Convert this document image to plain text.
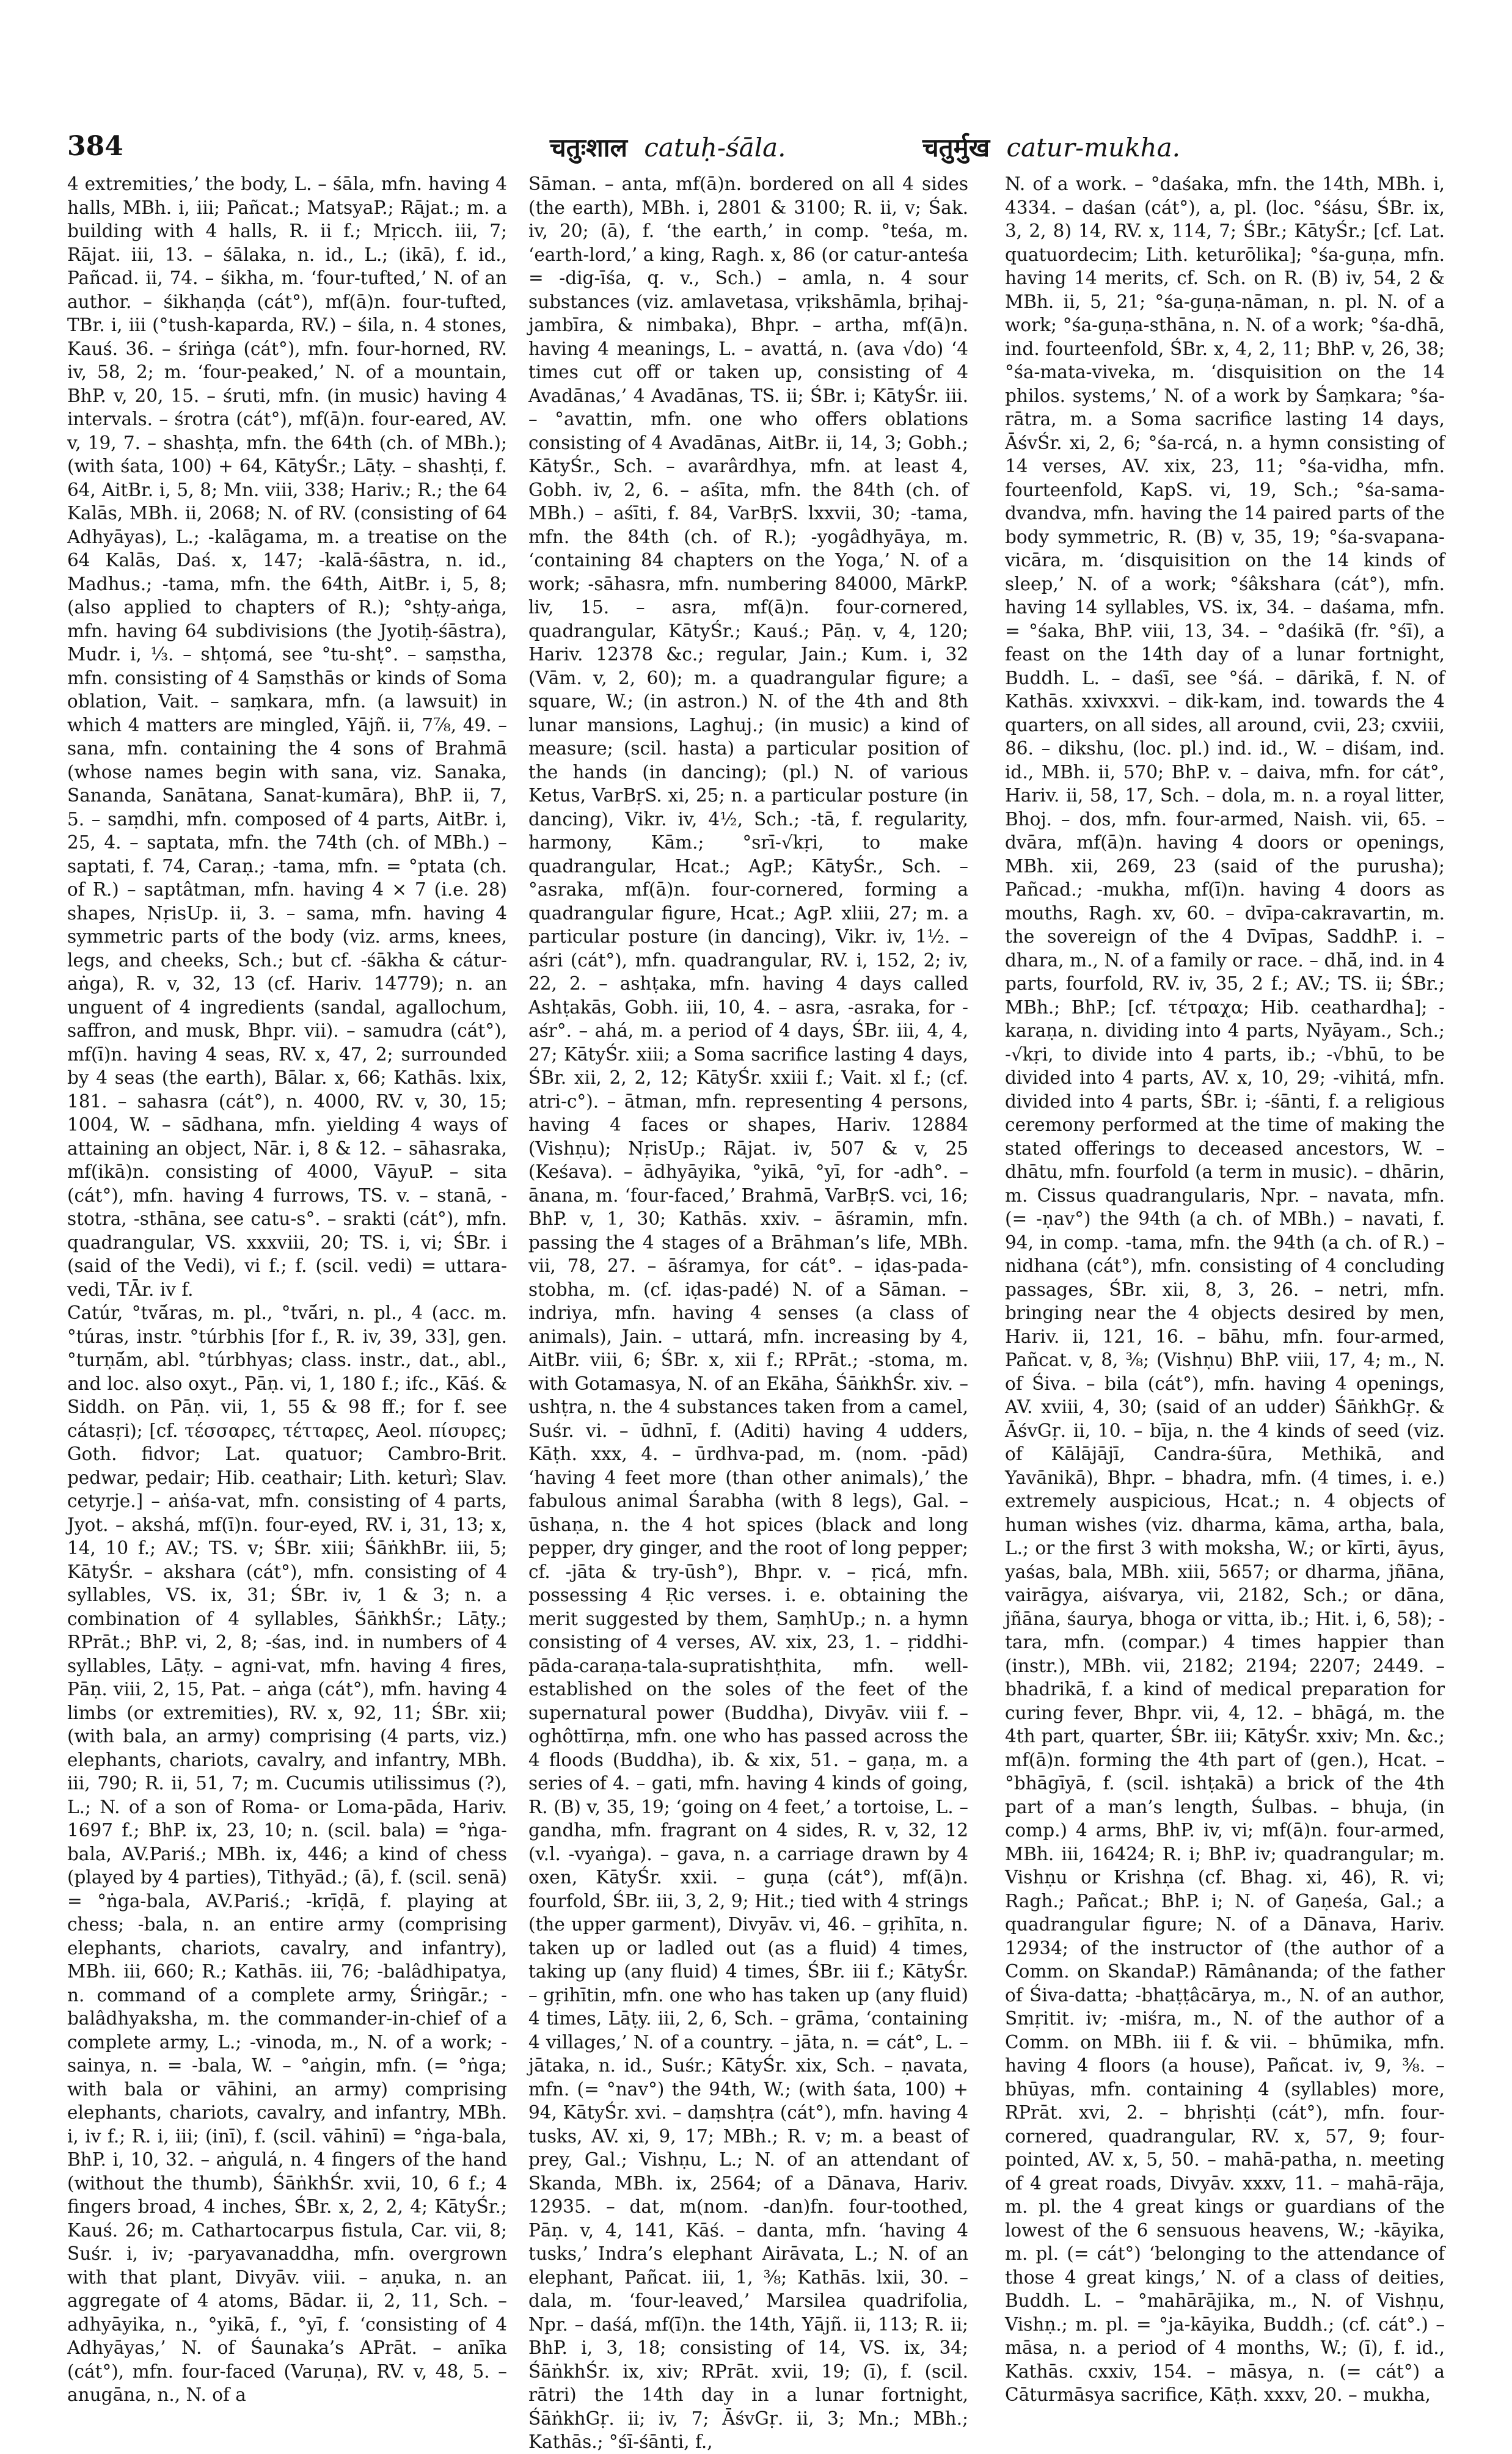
384	चतुःशाल catuḥ-śāla.	चतुर्मुख catur-mukha.

4 extremities,’ the body, L. – śāla, mfn. having 4 halls, MBh. i, iii; Pañcat.; MatsyaP.; Rājat.; m. a building with 4 halls, R. ii f.; Mṛicch. iii, 7; Rājat. iii, 13. – śālaka, n. id., L.; (ikā), f. id., Pañcad. ii, 74. – śikha, m. ‘four-tufted,’ N. of an author. – śikhaṇḍa (cát°), mf(ā)n. four-tufted, TBr. i, iii (°tush-kaparda, RV.) – śila, n. 4 stones, Kauś. 36. – śriṅga (cát°), mfn. four-horned, RV. iv, 58, 2; m. ‘four-peaked,’ N. of a mountain, BhP. v, 20, 15. – śruti, mfn. (in music) having 4 intervals. – śrotra (cát°), mf(ā)n. four-eared, AV. v, 19, 7. – shashṭa, mfn. the 64th (ch. of MBh.); (with śata, 100) + 64, KātyŚr.; Lāṭy. – shashṭi, f. 64, AitBr. i, 5, 8; Mn. viii, 338; Hariv.; R.; the 64 Kalās, MBh. ii, 2068; N. of RV. (consisting of 64 Adhyāyas), L.; -kalāgama, m. a treatise on the 64 Kalās, Daś. x, 147; -kalā-śāstra, n. id., Madhus.; -tama, mfn. the 64th, AitBr. i, 5, 8; (also applied to chapters of R.); °shṭy-aṅga, mfn. having 64 subdivisions (the Jyotiḥ-śāstra), Mudr. i, ⅓. – shṭomá, see °tu-shṭ°. – saṃstha, mfn. consisting of 4 Saṃsthās or kinds of Soma oblation, Vait. – saṃkara, mfn. (a lawsuit) in which 4 matters are mingled, Yājñ. ii, 7⅞, 49. – sana, mfn. containing the 4 sons of Brahmā (whose names begin with sana, viz. Sanaka, Sananda, Sanātana, Sanat-kumāra), BhP. ii, 7, 5. – saṃdhi, mfn. composed of 4 parts, AitBr. i, 25, 4. – saptata, mfn. the 74th (ch. of MBh.) – saptati, f. 74, Caraṇ.; -tama, mfn. = °ptata (ch. of R.) – saptâtman, mfn. having 4 × 7 (i.e. 28) shapes, NṛisUp. ii, 3. – sama, mfn. having 4 symmetric parts of the body (viz. arms, knees, legs, and cheeks, Sch.; but cf. -śākha & cátur-aṅga), R. v, 32, 13 (cf. Hariv. 14779); n. an unguent of 4 ingredients (sandal, agallochum, saffron, and musk, Bhpr. vii). – samudra (cát°), mf(ī)n. having 4 seas, RV. x, 47, 2; surrounded by 4 seas (the earth), Bālar. x, 66; Kathās. lxix, 181. – sahasra (cát°), n. 4000, RV. v, 30, 15; 1004, W. – sādhana, mfn. yielding 4 ways of attaining an object, Nār. i, 8 & 12. – sāhasraka, mf(ikā)n. consisting of 4000, VāyuP. – sita (cát°), mfn. having 4 furrows, TS. v. – stanā, -stotra, -sthāna, see catu-s°. – srakti (cát°), mfn. quadrangular, VS. xxxviii, 20; TS. i, vi; ŚBr. i (said of the Vedi), vi f.; f. (scil. vedi) = uttara-vedi, TĀr. iv f.

Catúr, °tvā́ras, m. pl., °tvā́ri, n. pl., 4 (acc. m. °túras, instr. °túrbhis [for f., R. iv, 39, 33], gen. °turṇā́m, abl. °túrbhyas; class. instr., dat., abl., and loc. also oxyt., Pāṇ. vi, 1, 180 f.; ifc., Kāś. & Siddh. on Pāṇ. vii, 1, 55 & 98 ff.; for f. see cátasṛi); [cf. τέσσαρες, τέτταρες, Aeol. πίσυρες; Goth. fidvor; Lat. quatuor; Cambro-Brit. pedwar, pedair; Hib. ceathair; Lith. keturì; Slav. cetyrje.] – aṅśa-vat, mfn. consisting of 4 parts, Jyot. – akshá, mf(ī)n. four-eyed, RV. i, 31, 13; x, 14, 10 f.; AV.; TS. v; ŚBr. xiii; ŚāṅkhBr. iii, 5; KātyŚr. – akshara (cát°), mfn. consisting of 4 syllables, VS. ix, 31; ŚBr. iv, 1 & 3; n. a combination of 4 syllables, ŚāṅkhŚr.; Lāṭy.; RPrāt.; BhP. vi, 2, 8; -śas, ind. in numbers of 4 syllables, Lāṭy. – agni-vat, mfn. having 4 fires, Pāṇ. viii, 2, 15, Pat. – aṅga (cát°), mfn. having 4 limbs (or extremities), RV. x, 92, 11; ŚBr. xii; (with bala, an army) comprising (4 parts, viz.) elephants, chariots, cavalry, and infantry, MBh. iii, 790; R. ii, 51, 7; m. Cucumis utilissimus (?), L.; N. of a son of Roma- or Loma-pāda, Hariv. 1697 f.; BhP. ix, 23, 10; n. (scil. bala) = °ṅga-bala, AV.Pariś.; MBh. ix, 446; a kind of chess (played by 4 parties), Tithyād.; (ā), f. (scil. senā) = °ṅga-bala, AV.Pariś.; -krīḍā, f. playing at chess; -bala, n. an entire army (comprising elephants, chariots, cavalry, and infantry), MBh. iii, 660; R.; Kathās. iii, 76; -balâdhipatya, n. command of a complete army, Śriṅgār.; -balâdhyaksha, m. the commander-in-chief of a complete army, L.; -vinoda, m., N. of a work; -sainya, n. = -bala, W. – °aṅgin, mfn. (= °ṅga; with bala or vāhini, an army) comprising elephants, chariots, cavalry, and infantry, MBh. i, iv f.; R. i, iii; (inī), f. (scil. vāhinī) = °ṅga-bala, BhP. i, 10, 32. – aṅgulá, n. 4 fingers of the hand (without the thumb), ŚāṅkhŚr. xvii, 10, 6 f.; 4 fingers broad, 4 inches, ŚBr. x, 2, 2, 4; KātyŚr.; Kauś. 26; m. Cathartocarpus fistula, Car. vii, 8; Suśr. i, iv; -paryavanaddha, mfn. overgrown with that plant, Divyāv. viii. – aṇuka, n. an aggregate of 4 atoms, Bādar. ii, 2, 11, Sch. – adhyāyika, n., °yikā, f., °yī, f. ‘consisting of 4 Adhyāyas,’ N. of Śaunaka’s APrāt. – anīka (cát°), mfn. four-faced (Varuṇa), RV. v, 48, 5. – anugāna, n., N. of a

Sāman. – anta, mf(ā)n. bordered on all 4 sides (the earth), MBh. i, 2801 & 3100; R. ii, v; Śak. iv, 20; (ā), f. ‘the earth,’ in comp. °teśa, m. ‘earth-lord,’ a king, Ragh. x, 86 (or catur-anteśa = -dig-īśa, q. v., Sch.) – amla, n. 4 sour substances (viz. amlavetasa, vṛikshāmla, bṛihaj-jambīra, & nimbaka), Bhpr. – artha, mf(ā)n. having 4 meanings, L. – avattá, n. (ava √do) ‘4 times cut off or taken up, consisting of 4 Avadānas,’ 4 Avadānas, TS. ii; ŚBr. i; KātyŚr. iii. – °avattin, mfn. one who offers oblations consisting of 4 Avadānas, AitBr. ii, 14, 3; Gobh.; KātyŚr., Sch. – avarârdhya, mfn. at least 4, Gobh. iv, 2, 6. – aśīta, mfn. the 84th (ch. of MBh.) – aśīti, f. 84, VarBṛS. lxxvii, 30; -tama, mfn. the 84th (ch. of R.); -yogâdhyāya, m. ‘containing 84 chapters on the Yoga,’ N. of a work; -sāhasra, mfn. numbering 84000, MārkP. liv, 15. – asra, mf(ā)n. four-cornered, quadrangular, KātyŚr.; Kauś.; Pāṇ. v, 4, 120; Hariv. 12378 &c.; regular, Jain.; Kum. i, 32 (Vām. v, 2, 60); m. a quadrangular figure; a square, W.; (in astron.) N. of the 4th and 8th lunar mansions, Laghuj.; (in music) a kind of measure; (scil. hasta) a particular position of the hands (in dancing); (pl.) N. of various Ketus, VarBṛS. xi, 25; n. a particular posture (in dancing), Vikr. iv, 4½, Sch.; -tā, f. regularity, harmony, Kām.; °srī-√kṛi, to make quadrangular, Hcat.; AgP.; KātyŚr., Sch. – °asraka, mf(ā)n. four-cornered, forming a quadrangular figure, Hcat.; AgP. xliii, 27; m. a particular posture (in dancing), Vikr. iv, 1½. – aśri (cát°), mfn. quadrangular, RV. i, 152, 2; iv, 22, 2. – ashṭaka, mfn. having 4 days called Ashṭakās, Gobh. iii, 10, 4. – asra, -asraka, for -aśr°. – ahá, m. a period of 4 days, ŚBr. iii, 4, 4, 27; KātyŚr. xiii; a Soma sacrifice lasting 4 days, ŚBr. xii, 2, 2, 12; KātyŚr. xxiii f.; Vait. xl f.; (cf. atri-c°). – ātman, mfn. representing 4 persons, having 4 faces or shapes, Hariv. 12884 (Vishṇu); NṛisUp.; Rājat. iv, 507 & v, 25 (Keśava). – ādhyāyika, °yikā, °yī, for -adh°. – ānana, m. ‘four-faced,’ Brahmā, VarBṛS. vci, 16; BhP. v, 1, 30; Kathās. xxiv. – āśramin, mfn. passing the 4 stages of a Brāhman’s life, MBh. vii, 78, 27. – āśramya, for cát°. – iḍas-pada-stobha, m. (cf. iḍas-padé) N. of a Sāman. – indriya, mfn. having 4 senses (a class of animals), Jain. – uttará, mfn. increasing by 4, AitBr. viii, 6; ŚBr. x, xii f.; RPrāt.; -stoma, m. with Gotamasya, N. of an Ekāha, ŚāṅkhŚr. xiv. – ushṭra, n. the 4 substances taken from a camel, Suśr. vi. – ūdhnī, f. (Aditi) having 4 udders, Kāṭh. xxx, 4. – ūrdhva-pad, m. (nom. -pād) ‘having 4 feet more (than other animals),’ the fabulous animal Śarabha (with 8 legs), Gal. – ūshaṇa, n. the 4 hot spices (black and long pepper, dry ginger, and the root of long pepper; cf. -jāta & try-ūsh°), Bhpr. v. – ṛicá, mfn. possessing 4 Ṛic verses. i. e. obtaining the merit suggested by them, SaṃhUp.; n. a hymn consisting of 4 verses, AV. xix, 23, 1. – ṛiddhi-pāda-caraṇa-tala-supratishṭhita, mfn. well-established on the soles of the feet of the supernatural power (Buddha), Divyāv. viii f. – oghôttīrṇa, mfn. one who has passed across the 4 floods (Buddha), ib. & xix, 51. – gaṇa, m. a series of 4. – gati, mfn. having 4 kinds of going, R. (B) v, 35, 19; ‘going on 4 feet,’ a tortoise, L. – gandha, mfn. fragrant on 4 sides, R. v, 32, 12 (v.l. -vyaṅga). – gava, n. a carriage drawn by 4 oxen, KātyŚr. xxii. – guṇa (cát°), mf(ā)n. fourfold, ŚBr. iii, 3, 2, 9; Hit.; tied with 4 strings (the upper garment), Divyāv. vi, 46. – gṛihīta, n. taken up or ladled out (as a fluid) 4 times, taking up (any fluid) 4 times, ŚBr. iii f.; KātyŚr. – gṛihītin, mfn. one who has taken up (any fluid) 4 times, Lāṭy. iii, 2, 6, Sch. – grāma, ‘containing 4 villages,’ N. of a country. – jāta, n. = cát°, L. – jātaka, n. id., Suśr.; KātyŚr. xix, Sch. – ṇavata, mfn. (= °nav°) the 94th, W.; (with śata, 100) + 94, KātyŚr. xvi. – daṃshṭra (cát°), mfn. having 4 tusks, AV. xi, 9, 17; MBh.; R. v; m. a beast of prey, Gal.; Vishṇu, L.; N. of an attendant of Skanda, MBh. ix, 2564; of a Dānava, Hariv. 12935. – dat, m(nom. -dan)fn. four-toothed, Pāṇ. v, 4, 141, Kāś. – danta, mfn. ‘having 4 tusks,’ Indra’s elephant Airāvata, L.; N. of an elephant, Pañcat. iii, 1, ⅜; Kathās. lxii, 30. – dala, m. ‘four-leaved,’ Marsilea quadrifolia, Npr. – daśá, mf(ī)n. the 14th, Yājñ. ii, 113; R. ii; BhP. i, 3, 18; consisting of 14, VS. ix, 34; ŚāṅkhŚr. ix, xiv; RPrāt. xvii, 19; (ī), f. (scil. rātri) the 14th day in a lunar fortnight, ŚāṅkhGṛ. ii; iv, 7; ĀśvGṛ. ii, 3; Mn.; MBh.; Kathās.; °śī-śānti, f.,

N. of a work. – °daśaka, mfn. the 14th, MBh. i, 4334. – daśan (cát°), a, pl. (loc. °śásu, ŚBr. ix, 3, 2, 8) 14, RV. x, 114, 7; ŚBr.; KātyŚr.; [cf. Lat. quatuordecim; Lith. keturōlika]; °śa-guṇa, mfn. having 14 merits, cf. Sch. on R. (B) iv, 54, 2 & MBh. ii, 5, 21; °śa-guṇa-nāman, n. pl. N. of a work; °śa-guṇa-sthāna, n. N. of a work; °śa-dhā, ind. fourteenfold, ŚBr. x, 4, 2, 11; BhP. v, 26, 38; °śa-mata-viveka, m. ‘disquisition on the 14 philos. systems,’ N. of a work by Śaṃkara; °śa-rātra, m. a Soma sacrifice lasting 14 days, ĀśvŚr. xi, 2, 6; °śa-rcá, n. a hymn consisting of 14 verses, AV. xix, 23, 11; °śa-vidha, mfn. fourteenfold, KapS. vi, 19, Sch.; °śa-sama-dvandva, mfn. having the 14 paired parts of the body symmetric, R. (B) v, 35, 19; °śa-svapana-vicāra, m. ‘disquisition on the 14 kinds of sleep,’ N. of a work; °śâkshara (cát°), mfn. having 14 syllables, VS. ix, 34. – daśama, mfn. = °śaka, BhP. viii, 13, 34. – °daśikā (fr. °śī), a feast on the 14th day of a lunar fortnight, Buddh. L. – daśī, see °śá. – dārikā, f. N. of Kathās. xxivxxvi. – dik-kam, ind. towards the 4 quarters, on all sides, all around, cvii, 23; cxviii, 86. – dikshu, (loc. pl.) ind. id., W. – diśam, ind. id., MBh. ii, 570; BhP. v. – daiva, mfn. for cát°, Hariv. ii, 58, 17, Sch. – dola, m. n. a royal litter, Bhoj. – dos, mfn. four-armed, Naish. vii, 65. – dvāra, mf(ā)n. having 4 doors or openings, MBh. xii, 269, 23 (said of the purusha); Pañcad.; -mukha, mf(ī)n. having 4 doors as mouths, Ragh. xv, 60. – dvīpa-cakravartin, m. the sovereign of the 4 Dvīpas, SaddhP. i. – dhara, m., N. of a family or race. – dhā́, ind. in 4 parts, fourfold, RV. iv, 35, 2 f.; AV.; TS. ii; ŚBr.; MBh.; BhP.; [cf. τέτραχα; Hib. ceathardha]; -karaṇa, n. dividing into 4 parts, Nyāyam., Sch.; -√kṛi, to divide into 4 parts, ib.; -√bhū, to be divided into 4 parts, AV. x, 10, 29; -vihitá, mfn. divided into 4 parts, ŚBr. i; -śānti, f. a religious ceremony performed at the time of making the stated offerings to deceased ancestors, W. – dhātu, mfn. fourfold (a term in music). – dhārin, m. Cissus quadrangularis, Npr. – navata, mfn. (= -ṇav°) the 94th (a ch. of MBh.) – navati, f. 94, in comp. -tama, mfn. the 94th (a ch. of R.) – nidhana (cát°), mfn. consisting of 4 concluding passages, ŚBr. xii, 8, 3, 26. – netri, mfn. bringing near the 4 objects desired by men, Hariv. ii, 121, 16. – bāhu, mfn. four-armed, Pañcat. v, 8, ⅜; (Vishṇu) BhP. viii, 17, 4; m., N. of Śiva. – bila (cát°), mfn. having 4 openings, AV. xviii, 4, 30; (said of an udder) ŚāṅkhGṛ. & ĀśvGṛ. ii, 10. – bīja, n. the 4 kinds of seed (viz. of Kālājājī, Candra-śūra, Methikā, and Yavānikā), Bhpr. – bhadra, mfn. (4 times, i. e.) extremely auspicious, Hcat.; n. 4 objects of human wishes (viz. dharma, kāma, artha, bala, L.; or the first 3 with moksha, W.; or kīrti, āyus, yaśas, bala, MBh. xiii, 5657; or dharma, jñāna, vairāgya, aiśvarya, vii, 2182, Sch.; or dāna, jñāna, śaurya, bhoga or vitta, ib.; Hit. i, 6, 58); -tara, mfn. (compar.) 4 times happier than (instr.), MBh. vii, 2182; 2194; 2207; 2449. – bhadrikā, f. a kind of medical preparation for curing fever, Bhpr. vii, 4, 12. – bhāgá, m. the 4th part, quarter, ŚBr. iii; KātyŚr. xxiv; Mn. &c.; mf(ā)n. forming the 4th part of (gen.), Hcat. – °bhāgīyā, f. (scil. ishṭakā) a brick of the 4th part of a man’s length, Śulbas. – bhuja, (in comp.) 4 arms, BhP. iv, vi; mf(ā)n. four-armed, MBh. iii, 16424; R. i; BhP. iv; quadrangular; m. Vishṇu or Krishṇa (cf. Bhag. xi, 46), R. vi; Ragh.; Pañcat.; BhP. i; N. of Gaṇeśa, Gal.; a quadrangular figure; N. of a Dānava, Hariv. 12934; of the instructor of (the author of a Comm. on SkandaP.) Rāmânanda; of the father of Śiva-datta; -bhaṭṭâcārya, m., N. of an author, Smṛitit. iv; -miśra, m., N. of the author of a Comm. on MBh. iii f. & vii. – bhūmika, mfn. having 4 floors (a house), Pañcat. iv, 9, ⅜. – bhūyas, mfn. containing 4 (syllables) more, RPrāt. xvi, 2. – bhṛishṭi (cát°), mfn. four-cornered, quadrangular, RV. x, 57, 9; four-pointed, AV. x, 5, 50. – mahā-patha, n. meeting of 4 great roads, Divyāv. xxxv, 11. – mahā-rāja, m. pl. the 4 great kings or guardians of the lowest of the 6 sensuous heavens, W.; -kāyika, m. pl. (= cát°) ‘belonging to the attendance of those 4 great kings,’ N. of a class of deities, Buddh. L. – °mahārājika, m., N. of Vishṇu, Vishṇ.; m. pl. = °ja-kāyika, Buddh.; (cf. cát°.) – māsa, n. a period of 4 months, W.; (ī), f. id., Kathās. cxxiv, 154. – māsya, n. (= cát°) a Cāturmāsya sacrifice, Kāṭh. xxxv, 20. – mukha,
